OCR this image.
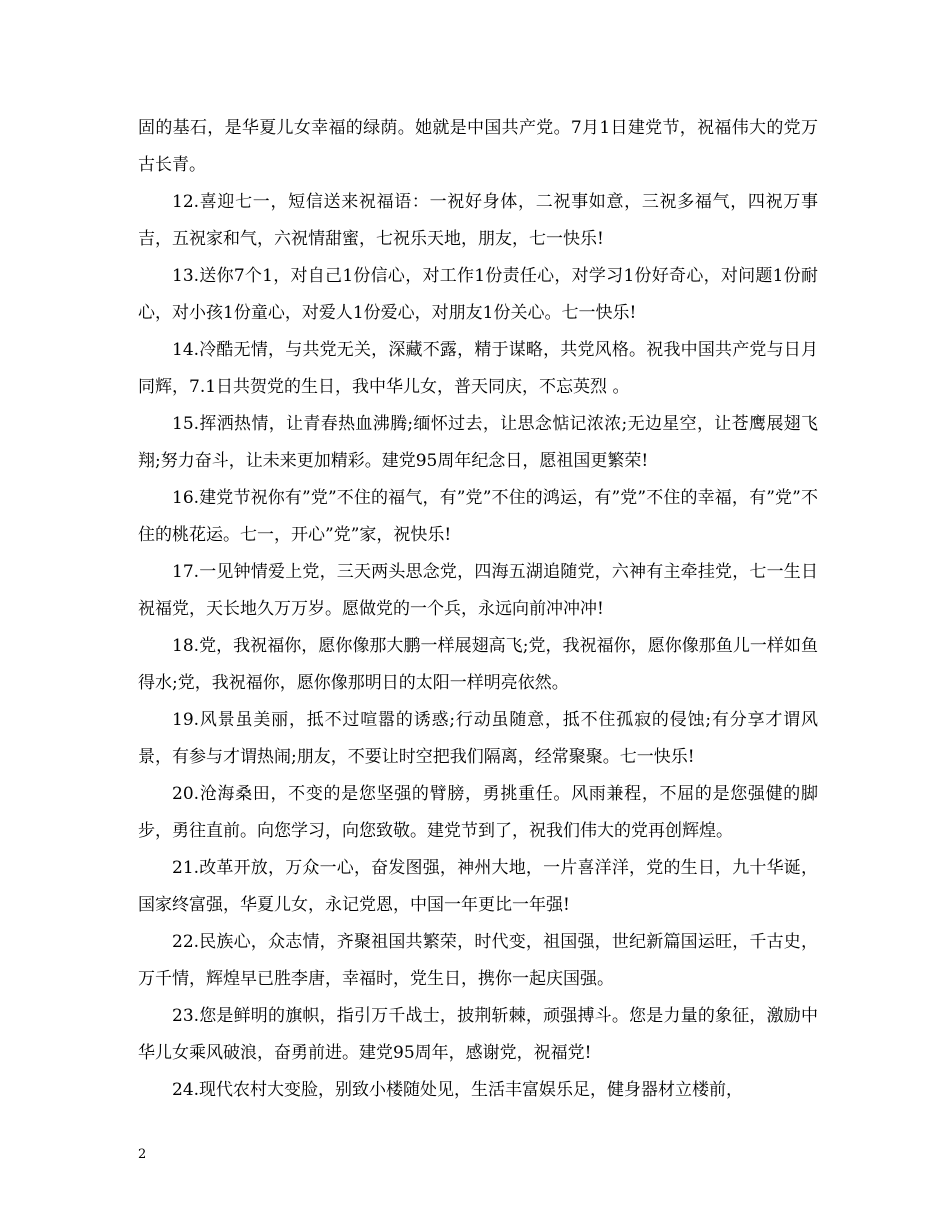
固的基石，是华夏儿女幸福的绿荫。她就是中国共产党。7月1日建党节，祝福伟大的党万古长青。

12.喜迎七一，短信送来祝福语：一祝好身体，二祝事如意，三祝多福气，四祝万事吉，五祝家和气，六祝情甜蜜，七祝乐天地，朋友，七一快乐!

13.送你7个1，对自己1份信心，对工作1份责任心，对学习1份好奇心，对问题1份耐心，对小孩1份童心，对爱人1份爱心，对朋友1份关心。七一快乐!

14.冷酷无情，与共党无关，深藏不露，精于谋略，共党风格。祝我中国共产党与日月同辉，7.1日共贺党的生日，我中华儿女，普天同庆，不忘英烈 。

15.挥洒热情，让青春热血沸腾;缅怀过去，让思念惦记浓浓;无边星空，让苍鹰展翅飞翔;努力奋斗，让未来更加精彩。建党95周年纪念日，愿祖国更繁荣!

16.建党节祝你有”党”不住的福气，有”党”不住的鸿运，有”党”不住的幸福，有”党”不住的桃花运。七一，开心”党”家，祝快乐!

17.一见钟情爱上党，三天两头思念党，四海五湖追随党，六神有主牵挂党，七一生日祝福党，天长地久万万岁。愿做党的一个兵，永远向前冲冲冲!

18.党，我祝福你，愿你像那大鹏一样展翅高飞;党，我祝福你，愿你像那鱼儿一样如鱼得水;党，我祝福你，愿你像那明日的太阳一样明亮依然。

19.风景虽美丽，抵不过喧嚣的诱惑;行动虽随意，抵不住孤寂的侵蚀;有分享才谓风景，有参与才谓热闹;朋友，不要让时空把我们隔离，经常聚聚。七一快乐!

20.沧海桑田，不变的是您坚强的臂膀，勇挑重任。风雨兼程，不屈的是您强健的脚步，勇往直前。向您学习，向您致敬。建党节到了，祝我们伟大的党再创辉煌。

21.改革开放，万众一心，奋发图强，神州大地，一片喜洋洋，党的生日，九十华诞，国家终富强，华夏儿女，永记党恩，中国一年更比一年强!

22.民族心，众志情，齐聚祖国共繁荣，时代变，祖国强，世纪新篇国运旺，千古史，万千情，辉煌早已胜李唐，幸福时，党生日，携你一起庆国强。

23.您是鲜明的旗帜，指引万千战士，披荆斩棘，顽强搏斗。您是力量的象征，激励中华儿女乘风破浪，奋勇前进。建党95周年，感谢党，祝福党!

24.现代农村大变脸，别致小楼随处见，生活丰富娱乐足，健身器材立楼前，

2
